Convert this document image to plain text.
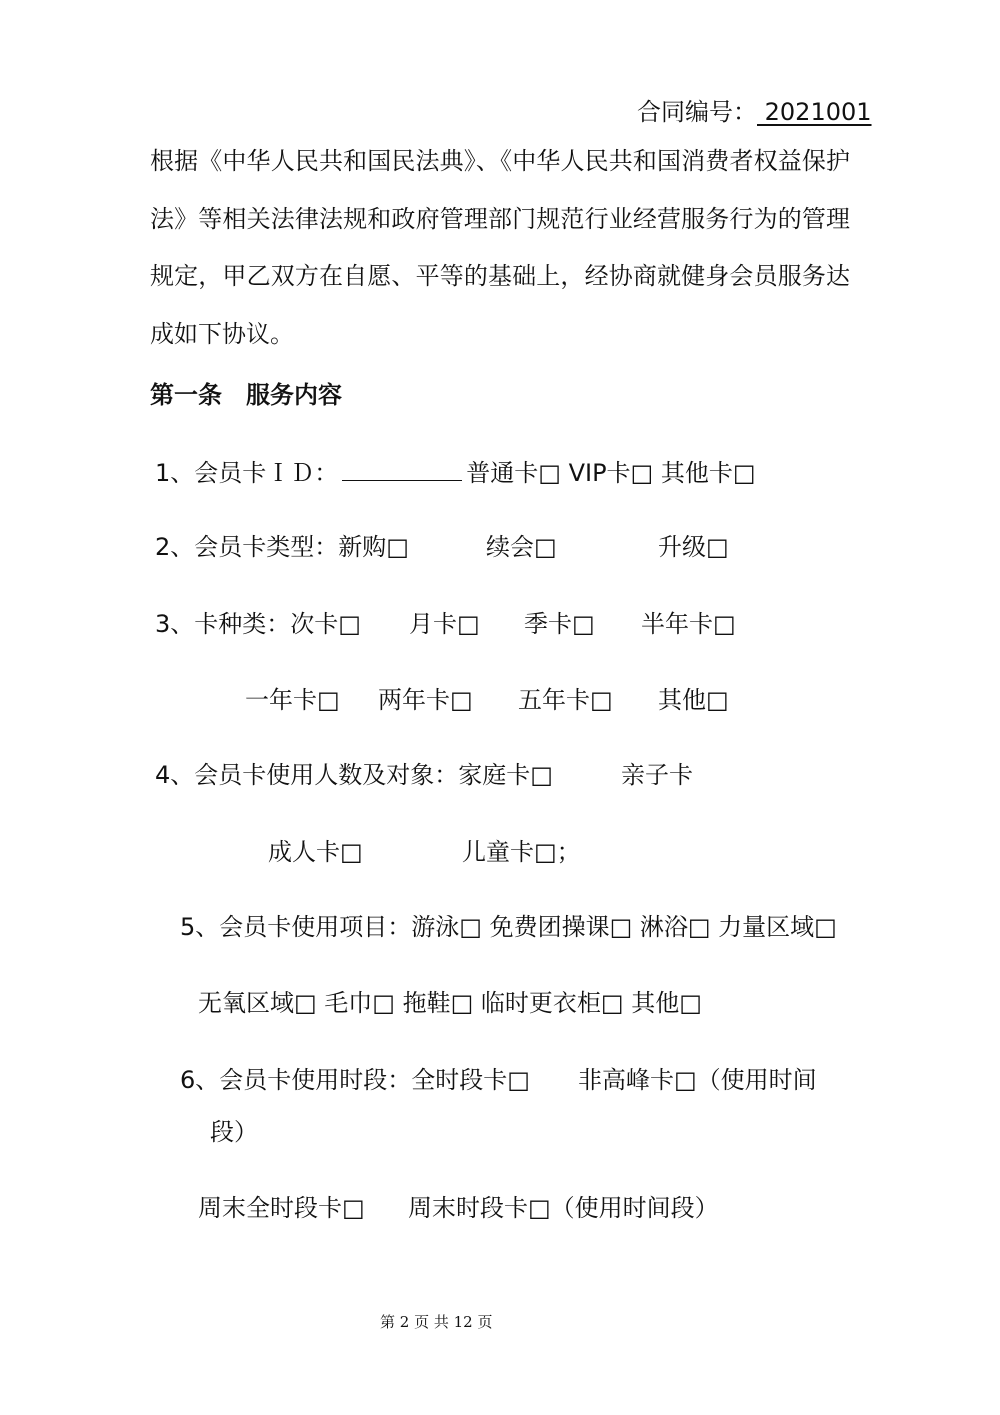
合同编号： 2021001
根据《中华人民共和国民法典》、《中华人民共和国消费者权益保护法》等相关法律法规和政府管理部门规范行业经营服务行为的管理规定，甲乙双方在自愿、平等的基础上，经协商就健身会员服务达成如下协议。
第一条　服务内容
1、会员卡ＩＤ：	普通卡□ VIP卡□ 其他卡□
2、会员卡类型：新购□	续会□	升级□
3、卡种类：次卡□ 月卡□ 季卡□ 半年卡□
一年卡□ 两年卡□ 五年卡□ 其他□
4、会员卡使用人数及对象：家庭卡□	亲子卡
成人卡□	儿童卡□；
5、会员卡使用项目：游泳□ 免费团操课□ 淋浴□ 力量区域□
无氧区域□ 毛巾□ 拖鞋□ 临时更衣柜□ 其他□
6、会员卡使用时段：全时段卡□ 非高峰卡□（使用时间
段）
周末全时段卡□ 周末时段卡□（使用时间段）
第 2 页 共 12 页
